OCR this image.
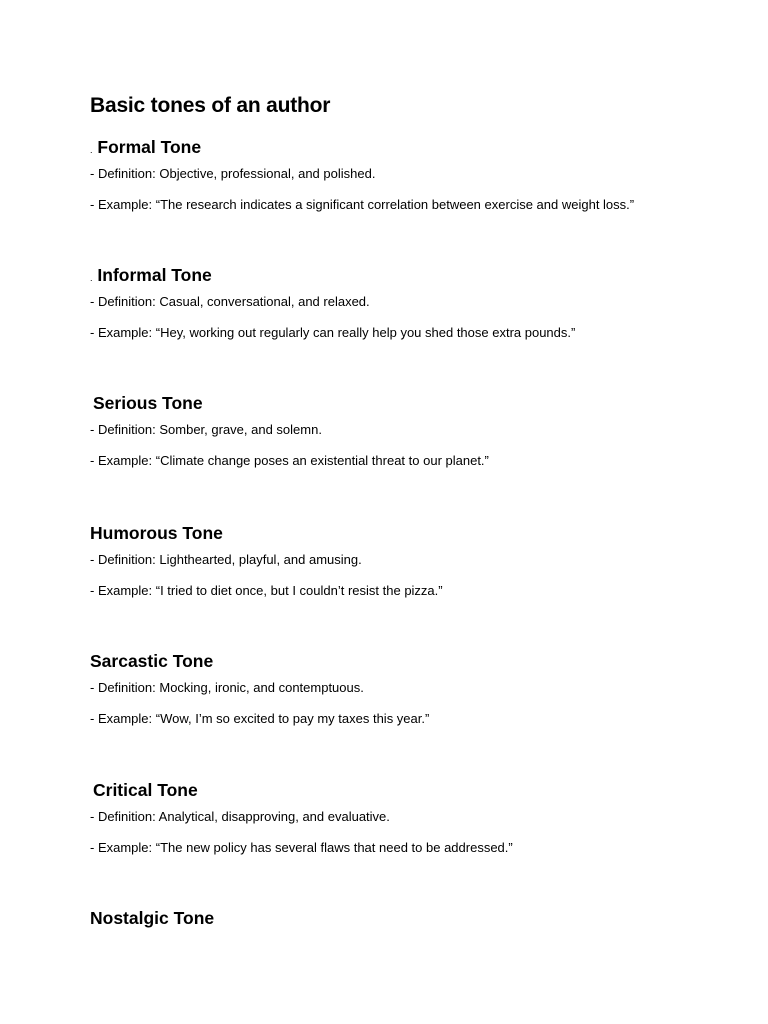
Basic tones of an author
. Formal Tone
- Definition: Objective, professional, and polished.
- Example: “The research indicates a significant correlation between exercise and weight loss.”
. Informal Tone
- Definition: Casual, conversational, and relaxed.
- Example: “Hey, working out regularly can really help you shed those extra pounds.”
Serious Tone
- Definition: Somber, grave, and solemn.
- Example: “Climate change poses an existential threat to our planet.”
Humorous Tone
- Definition: Lighthearted, playful, and amusing.
- Example: “I tried to diet once, but I couldn’t resist the pizza.”
Sarcastic Tone
- Definition: Mocking, ironic, and contemptuous.
- Example: “Wow, I’m so excited to pay my taxes this year.”
Critical Tone
- Definition: Analytical, disapproving, and evaluative.
- Example: “The new policy has several flaws that need to be addressed.”
Nostalgic Tone
